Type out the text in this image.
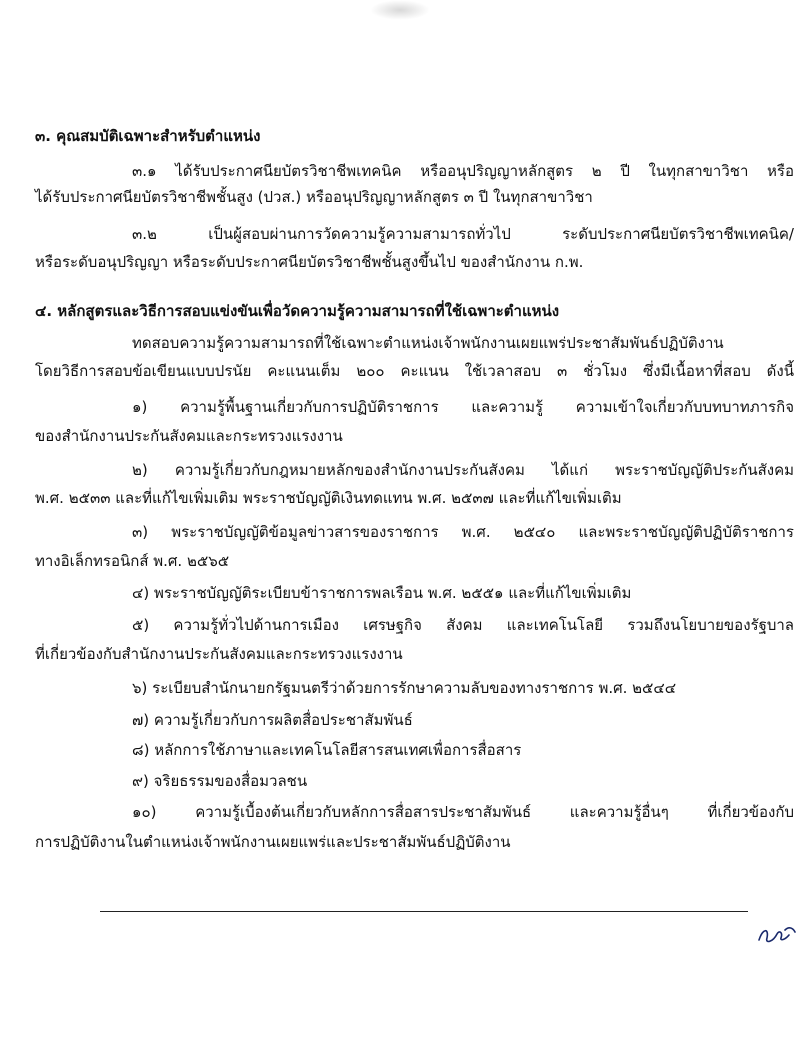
๓. คุณสมบัติเฉพาะสำหรับตำแหน่ง
๓.๑ ได้รับประกาศนียบัตรวิชาชีพเทคนิค หรืออนุปริญญาหลักสูตร ๒ ปี ในทุกสาขาวิชา หรือ
ได้รับประกาศนียบัตรวิชาชีพชั้นสูง (ปวส.) หรืออนุปริญญาหลักสูตร ๓ ปี ในทุกสาขาวิชา
๓.๒ เป็นผู้สอบผ่านการวัดความรู้ความสามารถทั่วไป ระดับประกาศนียบัตรวิชาชีพเทคนิค/
หรือระดับอนุปริญญา หรือระดับประกาศนียบัตรวิชาชีพชั้นสูงขึ้นไป ของสำนักงาน ก.พ.
๔. หลักสูตรและวิธีการสอบแข่งขันเพื่อวัดความรู้ความสามารถที่ใช้เฉพาะตำแหน่ง
ทดสอบความรู้ความสามารถที่ใช้เฉพาะตำแหน่งเจ้าพนักงานเผยแพร่ประชาสัมพันธ์ปฏิบัติงาน
โดยวิธีการสอบข้อเขียนแบบปรนัย คะแนนเต็ม ๒๐๐ คะแนน ใช้เวลาสอบ ๓ ชั่วโมง ซึ่งมีเนื้อหาที่สอบ ดังนี้
๑) ความรู้พื้นฐานเกี่ยวกับการปฏิบัติราชการ และความรู้ ความเข้าใจเกี่ยวกับบทบาทภารกิจ
ของสำนักงานประกันสังคมและกระทรวงแรงงาน
๒) ความรู้เกี่ยวกับกฎหมายหลักของสำนักงานประกันสังคม ได้แก่ พระราชบัญญัติประกันสังคม
พ.ศ. ๒๕๓๓ และที่แก้ไขเพิ่มเติม พระราชบัญญัติเงินทดแทน พ.ศ. ๒๕๓๗ และที่แก้ไขเพิ่มเติม
๓) พระราชบัญญัติข้อมูลข่าวสารของราชการ พ.ศ. ๒๕๔๐ และพระราชบัญญัติปฏิบัติราชการ
ทางอิเล็กทรอนิกส์ พ.ศ. ๒๕๖๕
๔) พระราชบัญญัติระเบียบข้าราชการพลเรือน พ.ศ. ๒๕๕๑ และที่แก้ไขเพิ่มเติม
๕) ความรู้ทั่วไปด้านการเมือง เศรษฐกิจ สังคม และเทคโนโลยี รวมถึงนโยบายของรัฐบาล
ที่เกี่ยวข้องกับสำนักงานประกันสังคมและกระทรวงแรงงาน
๖) ระเบียบสำนักนายกรัฐมนตรีว่าด้วยการรักษาความลับของทางราชการ พ.ศ. ๒๕๔๔
๗) ความรู้เกี่ยวกับการผลิตสื่อประชาสัมพันธ์
๘) หลักการใช้ภาษาและเทคโนโลยีสารสนเทศเพื่อการสื่อสาร
๙) จริยธรรมของสื่อมวลชน
๑๐) ความรู้เบื้องต้นเกี่ยวกับหลักการสื่อสารประชาสัมพันธ์ และความรู้อื่นๆ ที่เกี่ยวข้องกับ
การปฏิบัติงานในตำแหน่งเจ้าพนักงานเผยแพร่และประชาสัมพันธ์ปฏิบัติงาน
